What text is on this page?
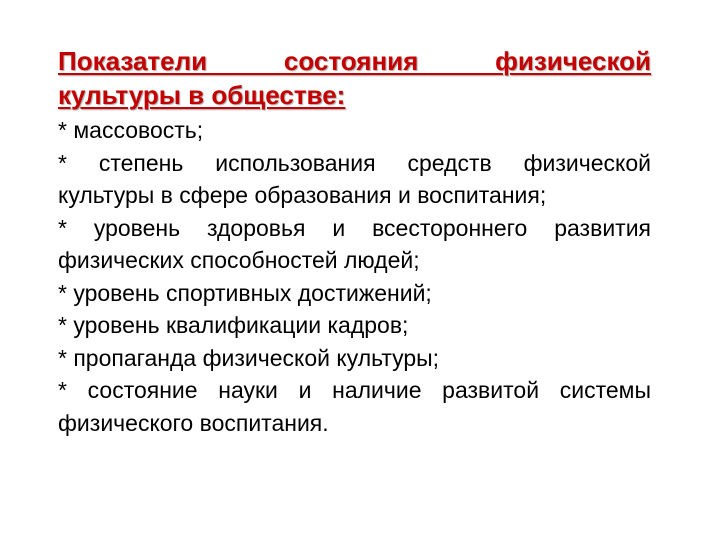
Показатели состояния физической
культуры в обществе:
* массовость;
* степень использования средств физической культуры в сфере образования и воспитания;
* уровень здоровья и всестороннего развития физических способностей людей;
* уровень спортивных достижений;
* уровень квалификации кадров;
* пропаганда физической культуры;
* состояние науки и наличие развитой системы физического воспитания.
